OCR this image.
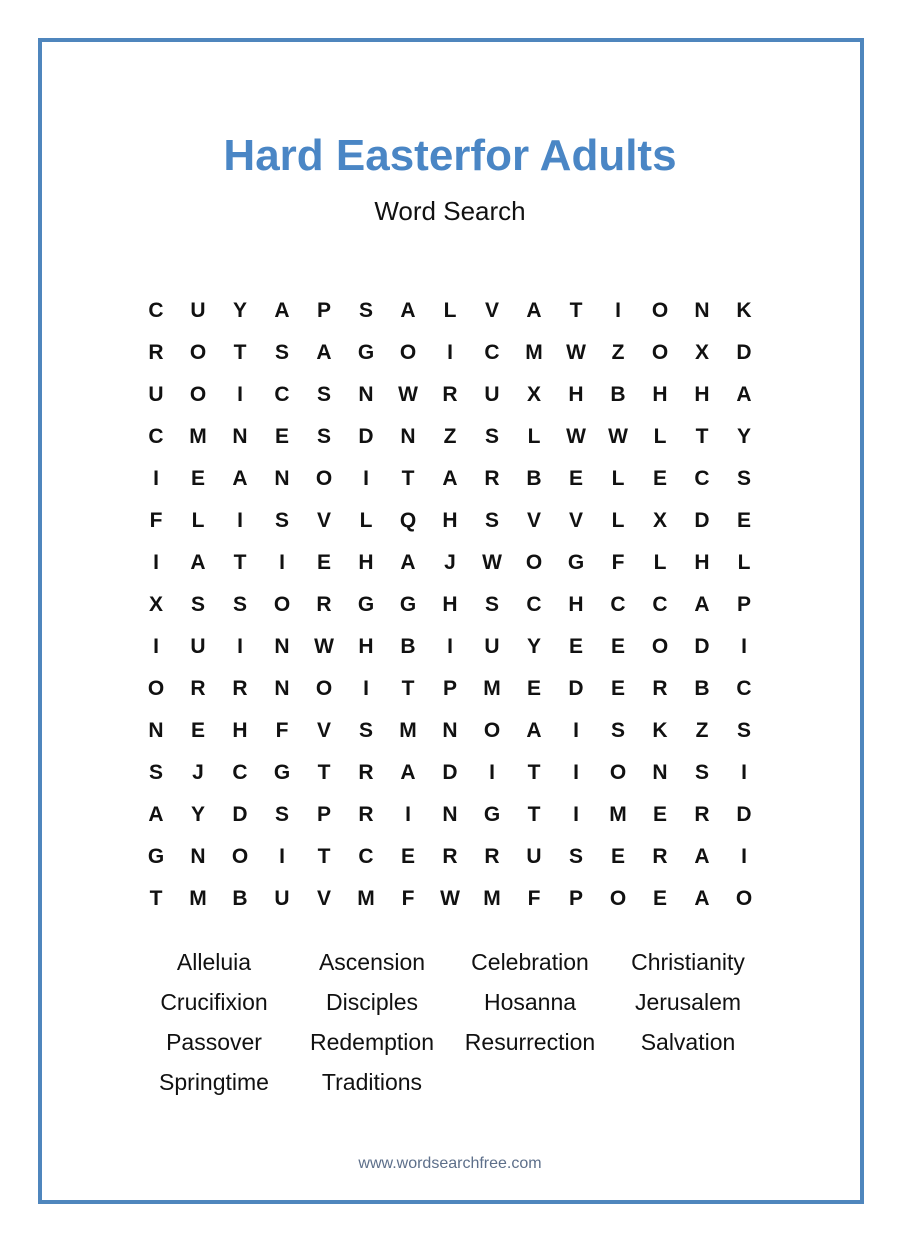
Hard Easterfor Adults
Word Search
C	U	Y	A	P	S	A	L	V	A	T	I	O	N	K
R	O	T	S	A	G	O	I	C	M	W	Z	O	X	D
U	O	I	C	S	N	W	R	U	X	H	B	H	H	A
C	M	N	E	S	D	N	Z	S	L	W	W	L	T	Y
I	E	A	N	O	I	T	A	R	B	E	L	E	C	S
F	L	I	S	V	L	Q	H	S	V	V	L	X	D	E
I	A	T	I	E	H	A	J	W	O	G	F	L	H	L
X	S	S	O	R	G	G	H	S	C	H	C	C	A	P
I	U	I	N	W	H	B	I	U	Y	E	E	O	D	I
O	R	R	N	O	I	T	P	M	E	D	E	R	B	C
N	E	H	F	V	S	M	N	O	A	I	S	K	Z	S
S	J	C	G	T	R	A	D	I	T	I	O	N	S	I
A	Y	D	S	P	R	I	N	G	T	I	M	E	R	D
G	N	O	I	T	C	E	R	R	U	S	E	R	A	I
T	M	B	U	V	M	F	W	M	F	P	O	E	A	O
Alleluia	Ascension	Celebration	Christianity
Crucifixion	Disciples	Hosanna	Jerusalem
Passover	Redemption	Resurrection	Salvation
Springtime	Traditions
www.wordsearchfree.com
